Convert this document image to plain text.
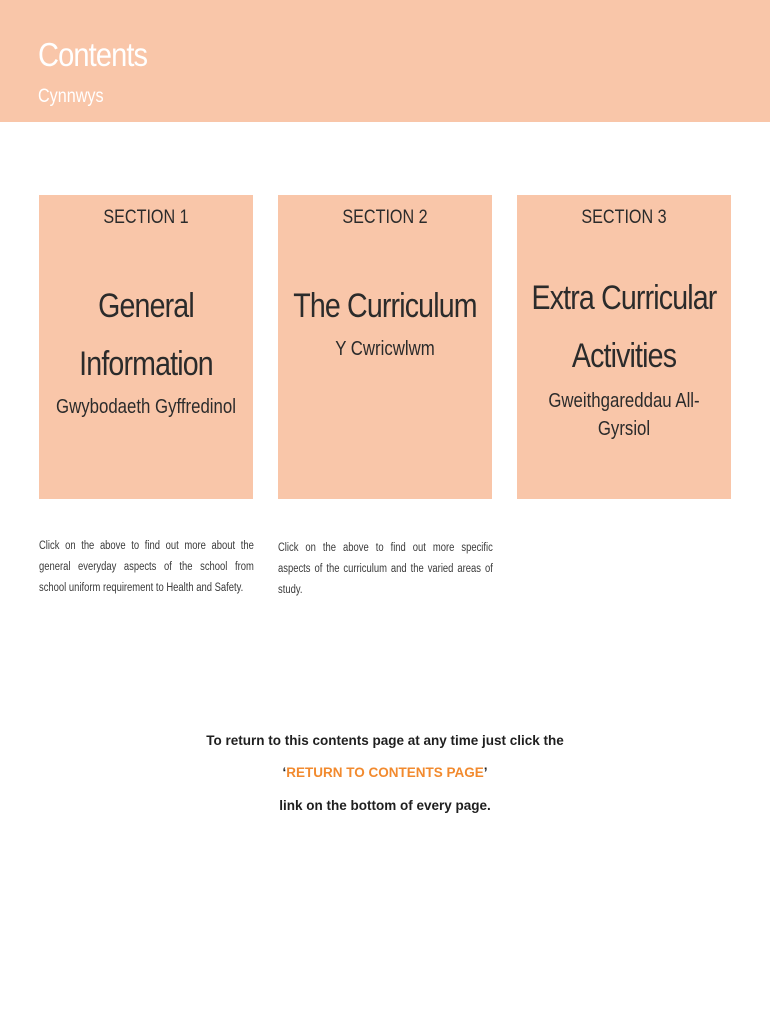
Contents
Cynnwys
SECTION 1
General Information
Gwybodaeth Gyffredinol
SECTION 2
The Curriculum
Y Cwricwlwm
SECTION 3
Extra Curricular Activities
Gweithgareddau All-Gyrsiol
Click on the above to find out more about the general everyday aspects of the school from school uniform requirement to Health and Safety.
Click on the above to find out more specific aspects of the curriculum and the varied areas of study.
To return to this contents page at any time just click the
‘RETURN TO CONTENTS PAGE’
link on the bottom of every page.
